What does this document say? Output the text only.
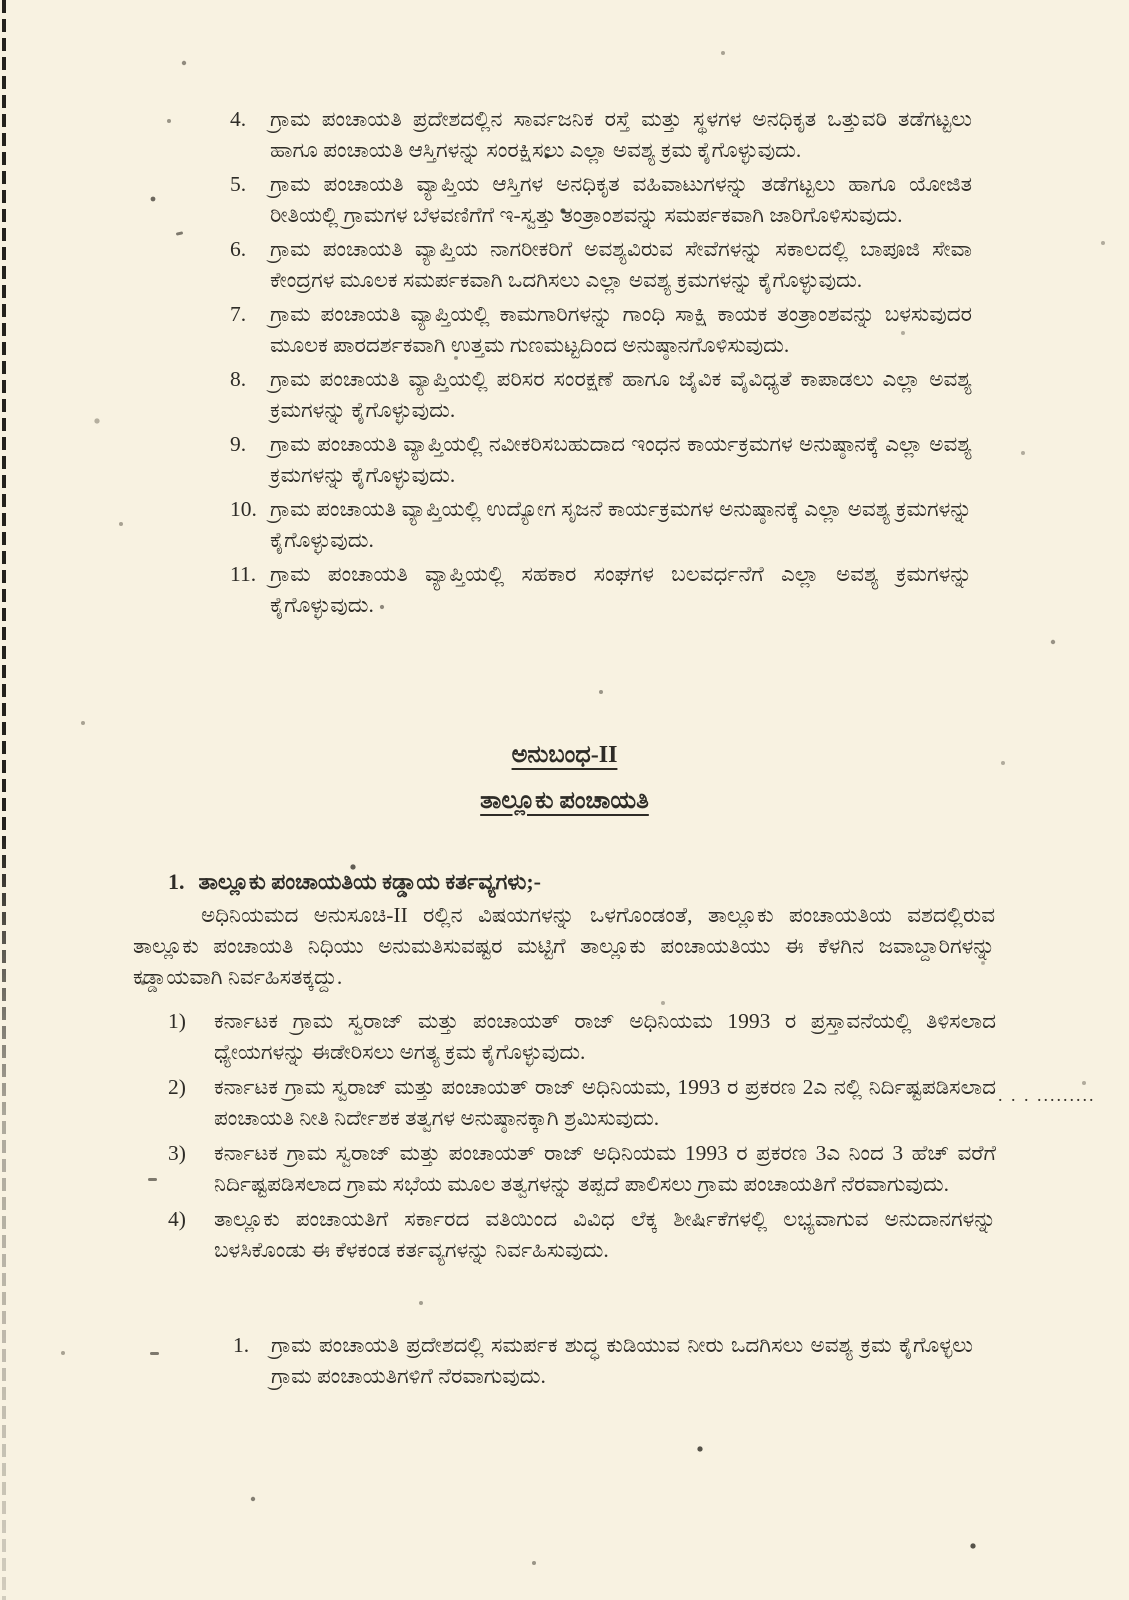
4.	ಗ್ರಾಮ ಪಂಚಾಯತಿ ಪ್ರದೇಶದಲ್ಲಿನ ಸಾರ್ವಜನಿಕ ರಸ್ತೆ ಮತ್ತು ಸ್ಥಳಗಳ ಅನಧಿಕೃತ ಒತ್ತುವರಿ ತಡೆಗಟ್ಟಲು ಹಾಗೂ ಪಂಚಾಯತಿ ಆಸ್ತಿಗಳನ್ನು ಸಂರಕ್ಷಿಸಲು ಎಲ್ಲಾ ಅವಶ್ಯ ಕ್ರಮ ಕೈಗೊಳ್ಳುವುದು.
5.	ಗ್ರಾಮ ಪಂಚಾಯತಿ ವ್ಯಾಪ್ತಿಯ ಆಸ್ತಿಗಳ ಅನಧಿಕೃತ ವಹಿವಾಟುಗಳನ್ನು ತಡೆಗಟ್ಟಲು ಹಾಗೂ ಯೋಜಿತ ರೀತಿಯಲ್ಲಿ ಗ್ರಾಮಗಳ ಬೆಳವಣಿಗೆಗೆ ಇ-ಸ್ವತ್ತು ತಂತ್ರಾಂಶವನ್ನು ಸಮರ್ಪಕವಾಗಿ ಜಾರಿಗೊಳಿಸುವುದು.
6.	ಗ್ರಾಮ ಪಂಚಾಯತಿ ವ್ಯಾಪ್ತಿಯ ನಾಗರೀಕರಿಗೆ ಅವಶ್ಯವಿರುವ ಸೇವೆಗಳನ್ನು ಸಕಾಲದಲ್ಲಿ ಬಾಪೂಜಿ ಸೇವಾ ಕೇಂದ್ರಗಳ ಮೂಲಕ ಸಮರ್ಪಕವಾಗಿ ಒದಗಿಸಲು ಎಲ್ಲಾ ಅವಶ್ಯ ಕ್ರಮಗಳನ್ನು ಕೈಗೊಳ್ಳುವುದು.
7.	ಗ್ರಾಮ ಪಂಚಾಯತಿ ವ್ಯಾಪ್ತಿಯಲ್ಲಿ ಕಾಮಗಾರಿಗಳನ್ನು ಗಾಂಧಿ ಸಾಕ್ಷಿ ಕಾಯಕ ತಂತ್ರಾಂಶವನ್ನು ಬಳಸುವುದರ ಮೂಲಕ ಪಾರದರ್ಶಕವಾಗಿ ಉತ್ತಮ ಗುಣಮಟ್ಟದಿಂದ ಅನುಷ್ಠಾನಗೊಳಿಸುವುದು.
8.	ಗ್ರಾಮ ಪಂಚಾಯತಿ ವ್ಯಾಪ್ತಿಯಲ್ಲಿ ಪರಿಸರ ಸಂರಕ್ಷಣೆ ಹಾಗೂ ಜೈವಿಕ ವೈವಿಧ್ಯತೆ ಕಾಪಾಡಲು ಎಲ್ಲಾ ಅವಶ್ಯ ಕ್ರಮಗಳನ್ನು ಕೈಗೊಳ್ಳುವುದು.
9.	ಗ್ರಾಮ ಪಂಚಾಯತಿ ವ್ಯಾಪ್ತಿಯಲ್ಲಿ ನವೀಕರಿಸಬಹುದಾದ ಇಂಧನ ಕಾರ್ಯಕ್ರಮಗಳ ಅನುಷ್ಠಾನಕ್ಕೆ ಎಲ್ಲಾ ಅವಶ್ಯ ಕ್ರಮಗಳನ್ನು ಕೈಗೊಳ್ಳುವುದು.
10. ಗ್ರಾಮ ಪಂಚಾಯತಿ ವ್ಯಾಪ್ತಿಯಲ್ಲಿ ಉದ್ಯೋಗ ಸೃಜನೆ ಕಾರ್ಯಕ್ರಮಗಳ ಅನುಷ್ಠಾನಕ್ಕೆ ಎಲ್ಲಾ ಅವಶ್ಯ ಕ್ರಮಗಳನ್ನು ಕೈಗೊಳ್ಳುವುದು.
11. ಗ್ರಾಮ ಪಂಚಾಯತಿ ವ್ಯಾಪ್ತಿಯಲ್ಲಿ ಸಹಕಾರ ಸಂಘಗಳ ಬಲವರ್ಧನೆಗೆ ಎಲ್ಲಾ ಅವಶ್ಯ ಕ್ರಮಗಳನ್ನು ಕೈಗೊಳ್ಳುವುದು.
ಅನುಬಂಧ-II
ತಾಲ್ಲೂಕು ಪಂಚಾಯತಿ
1. ತಾಲ್ಲೂಕು ಪಂಚಾಯತಿಯ ಕಡ್ಡಾಯ ಕರ್ತವ್ಯಗಳು;-

ಅಧಿನಿಯಮದ ಅನುಸೂಚಿ-II ರಲ್ಲಿನ ವಿಷಯಗಳನ್ನು ಒಳಗೊಂಡಂತೆ, ತಾಲ್ಲೂಕು ಪಂಚಾಯತಿಯ ವಶದಲ್ಲಿರುವ ತಾಲ್ಲೂಕು ಪಂಚಾಯತಿ ನಿಧಿಯು ಅನುಮತಿಸುವಷ್ಟರ ಮಟ್ಟಿಗೆ ತಾಲ್ಲೂಕು ಪಂಚಾಯತಿಯು ಈ ಕೆಳಗಿನ ಜವಾಬ್ದಾರಿಗಳನ್ನು ಕಡ್ಡಾಯವಾಗಿ ನಿರ್ವಹಿಸತಕ್ಕದ್ದು.

1)	ಕರ್ನಾಟಕ ಗ್ರಾಮ ಸ್ವರಾಜ್ ಮತ್ತು ಪಂಚಾಯತ್ ರಾಜ್ ಅಧಿನಿಯಮ 1993 ರ ಪ್ರಸ್ತಾವನೆಯಲ್ಲಿ ತಿಳಿಸಲಾದ ಧ್ಯೇಯಗಳನ್ನು ಈಡೇರಿಸಲು ಅಗತ್ಯ ಕ್ರಮ ಕೈಗೊಳ್ಳುವುದು.
2)	ಕರ್ನಾಟಕ ಗ್ರಾಮ ಸ್ವರಾಜ್ ಮತ್ತು ಪಂಚಾಯತ್ ರಾಜ್ ಅಧಿನಿಯಮ, 1993 ರ ಪ್ರಕರಣ 2ಎ ನಲ್ಲಿ ನಿರ್ದಿಷ್ಟಪಡಿಸಲಾದ ಪಂಚಾಯತಿ ನೀತಿ ನಿರ್ದೇಶಕ ತತ್ವಗಳ ಅನುಷ್ಠಾನಕ್ಕಾಗಿ ಶ್ರಮಿಸುವುದು.
3)	ಕರ್ನಾಟಕ ಗ್ರಾಮ ಸ್ವರಾಜ್ ಮತ್ತು ಪಂಚಾಯತ್ ರಾಜ್ ಅಧಿನಿಯಮ 1993 ರ ಪ್ರಕರಣ 3ಎ ನಿಂದ 3 ಹೆಚ್ ವರೆಗೆ ನಿರ್ದಿಷ್ಟಪಡಿಸಲಾದ ಗ್ರಾಮ ಸಭೆಯ ಮೂಲ ತತ್ವಗಳನ್ನು ತಪ್ಪದೆ ಪಾಲಿಸಲು ಗ್ರಾಮ ಪಂಚಾಯತಿಗೆ ನೆರವಾಗುವುದು.
4)	ತಾಲ್ಲೂಕು ಪಂಚಾಯತಿಗೆ ಸರ್ಕಾರದ ವತಿಯಿಂದ ವಿವಿಧ ಲೆಕ್ಕ ಶೀರ್ಷಿಕೆಗಳಲ್ಲಿ ಲಭ್ಯವಾಗುವ ಅನುದಾನಗಳನ್ನು ಬಳಸಿಕೊಂಡು ಈ ಕೆಳಕಂಡ ಕರ್ತವ್ಯಗಳನ್ನು ನಿರ್ವಹಿಸುವುದು.
. . . .........
1.	ಗ್ರಾಮ ಪಂಚಾಯತಿ ಪ್ರದೇಶದಲ್ಲಿ ಸಮರ್ಪಕ ಶುದ್ಧ ಕುಡಿಯುವ ನೀರು ಒದಗಿಸಲು ಅವಶ್ಯ ಕ್ರಮ ಕೈಗೊಳ್ಳಲು ಗ್ರಾಮ ಪಂಚಾಯತಿಗಳಿಗೆ ನೆರವಾಗುವುದು.
